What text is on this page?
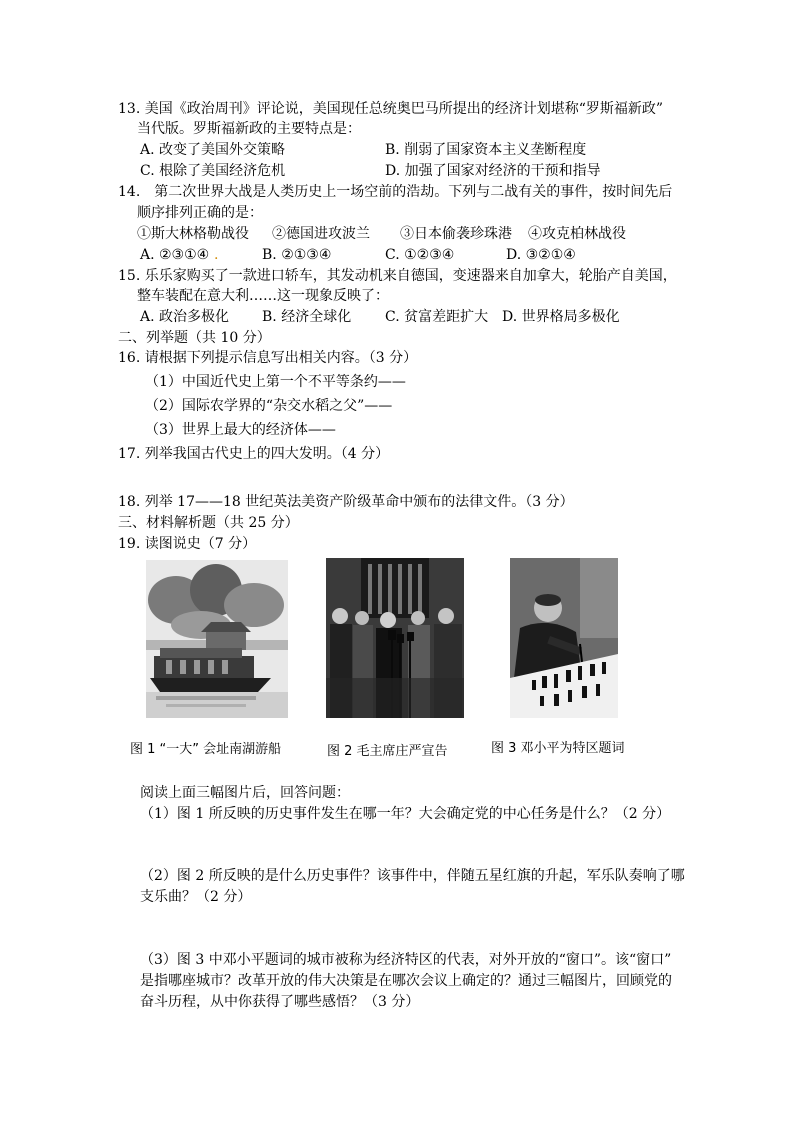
13. 美国《政治周刊》评论说，美国现任总统奥巴马所提出的经济计划堪称“罗斯福新政”
当代版。罗斯福新政的主要特点是：
A. 改变了美国外交策略	B. 削弱了国家资本主义垄断程度
C. 根除了美国经济危机	D. 加强了国家对经济的干预和指导
14.　第二次世界大战是人类历史上一场空前的浩劫。下列与二战有关的事件，按时间先后
顺序排列正确的是：
①斯大林格勒战役 ②德国进攻波兰 ③日本偷袭珍珠港 ④攻克柏林战役
A. ②③①④ .	B. ②①③④	C. ①②③④	D. ③②①④
15. 乐乐家购买了一款进口轿车，其发动机来自德国，变速器来自加拿大，轮胎产自美国，
整车装配在意大利……这一现象反映了：
A. 政治多极化 B. 经济全球化 C. 贫富差距扩大 D. 世界格局多极化
二、列举题（共 10 分）
16. 请根据下列提示信息写出相关内容。（3 分）
（1）中国近代史上第一个不平等条约——
（2）国际农学界的“杂交水稻之父”——
（3）世界上最大的经济体——
17. 列举我国古代史上的四大发明。（4 分）
18. 列举 17——18 世纪英法美资产阶级革命中颁布的法律文件。（3 分）
三、材料解析题（共 25 分）
19. 读图说史（7 分）
图 1 “一大” 会址南湖游船	图 2 毛主席庄严宣告	图 3 邓小平为特区题词
阅读上面三幅图片后，回答问题：
（1）图 1 所反映的历史事件发生在哪一年？大会确定党的中心任务是什么？（2 分）
（2）图 2 所反映的是什么历史事件？该事件中，伴随五星红旗的升起，军乐队奏响了哪
支乐曲？（2 分）
（3）图 3 中邓小平题词的城市被称为经济特区的代表，对外开放的“窗口”。该“窗口”
是指哪座城市？改革开放的伟大决策是在哪次会议上确定的？通过三幅图片，回顾党的
奋斗历程，从中你获得了哪些感悟？（3 分）
